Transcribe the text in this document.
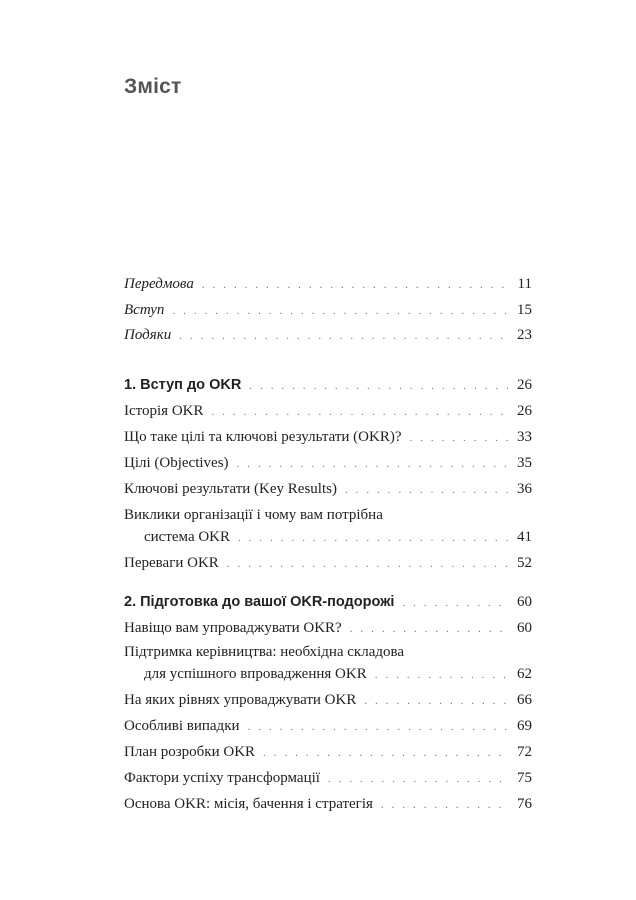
Зміст
Передмова . . .	11
Вступ . . .	15
Подяки . . .	23
1. Вступ до OKR . . .	26
Історія OKR . . .	26
Що таке цілі та ключові результати (OKR)? . . .	33
Цілі (Objectives) . . .	35
Ключові результати (Key Results) . . .	36
Виклики організації і чому вам потрібна
система OKR . . .	41
Переваги OKR . . .	52
2. Підготовка до вашої OKR-подорожі . . .	60
Навіщо вам упроваджувати OKR? . . .	60
Підтримка керівництва: необхідна складова
для успішного впровадження OKR . . .	62
На яких рівнях упроваджувати OKR . . .	66
Особливі випадки . . .	69
План розробки OKR . . .	72
Фактори успіху трансформації . . .	75
Основа OKR: місія, бачення і стратегія . . .	76
